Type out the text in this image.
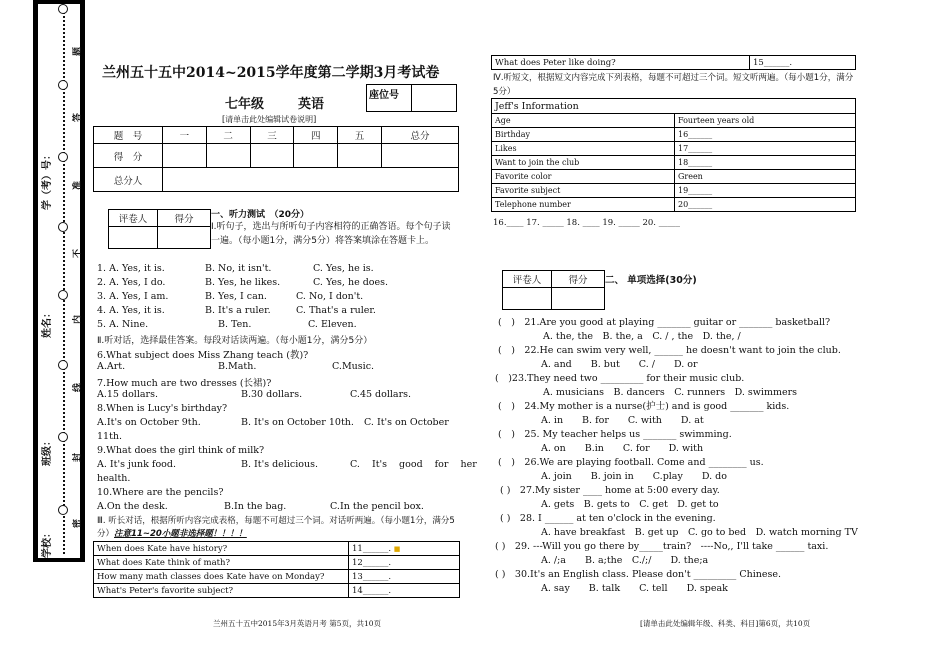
学校：
班级：
姓名：
学（考）号：
密
封
线
内
不
准
答
题
兰州五十五中2014~2015学年度第二学期3月考试卷
七年级	英语
座位号	
[请单击此处编辑试卷说明]
题　号	一	二	三	四	五	总分
得　分						
总分人						
评卷人	得分
	一、听力测试　（20分）
Ⅰ.听句子，选出与所听句子内容相符的正确答语。每个句子读一遍。（每小题1分，满分5分）将答案填涂在答题卡上。
1. A. Yes, it is.	B. No, it isn't.	C. Yes, he is.
2. A. Yes, I do.	B. Yes, he likes.	C. Yes, he does.
3. A. Yes, I am.	B. Yes, I can.	C. No, I don't.
4. A. Yes, it is.	B. It's a ruler.	C. That's a ruler.
5. A. Nine.	B. Ten.	C. Eleven.
Ⅱ.听对话，选择最佳答案。每段对话读两遍。（每小题1分，满分5分）
6.What subject does Miss Zhang teach (教)?
A.Art.	B.Math.	C.Music.
7.How much are two dresses (长裙)?
A.15 dollars.	B.30 dollars.	C.45 dollars.
8.When is Lucy's birthday?
A.It's on October 9th.	B. It's on October 10th. C. It's on October
11th.
9.What does the girl think of milk?
A. It's junk food.	B. It's delicious.	C. It's good for her
health.
10.Where are the pencils?
A.On the desk.	B.In the bag.	C.In the pencil box.
Ⅲ. 听长对话，根据所听内容完成表格，每题不可超过三个词。对话听两遍。（每小题1分，满分5分）注意11~20小题非选择题！！！！
When does Kate have history?	11______. ■
What does Kate think of math?	12______.
How many math classes does Kate have on Monday?	13______.
What's Peter's favorite subject?	14______.
兰州五十五中2015年3月英语月考 第5页，共10页
What does Peter like doing?	15______.
Ⅳ.听短文，根据短文内容完成下列表格，每题不可超过三个词。短文听两遍。（每小题1分，满分5分）
Jeff's Information	
Age	Fourteen years old
Birthday	16______
Likes	17______
Want to join the club	18______
Favorite color	Green
Favorite subject	19______
Telephone number	20______
16.____ 17. _____ 18. ____ 19. _____ 20. _____
评卷人	得分
	二、 单项选择(30分)
(　)　21.Are you good at playing _______ guitar or _______ basketball?
A. the, the　B. the, a　C. / , the　D. the, /
(　)　22.He can swim very well, ______ he doesn't want to join the club.
A. and　　B. but　　C. /　　D. or
(　)23.They need two _________ for their music club.
A. musicians　B. dancers　C. runners　D. swimmers
(　)　24.My mother is a nurse(护士) and is good _______ kids.
A. in　　B. for　　C. with　　D. at
(　)　25. My teacher helps us _______ swimming.
A. on　　B.in　　C. for　　D. with
(　)　26.We are playing football. Come and ________ us.
A. join　　B. join in　　C.play　　D. do
( )　27.My sister ____ home at 5:00 every day.
A. gets　B. gets to　C. get　D. get to
( )　28. I ______ at ten o'clock in the evening.
A. have breakfast　B. get up　C. go to bed　D. watch morning TV
( )　29. ---Will you go there by_____train?　----No,, I'll take ______ taxi.
A. /;a　　B. a;the　C./;/　　D. the;a
( )　30.It's an English class. Please don't _________ Chinese.
A. say　　B. talk　　C. tell　　D. speak
[请单击此处编辑年级、科类、科目]第6页，共10页
